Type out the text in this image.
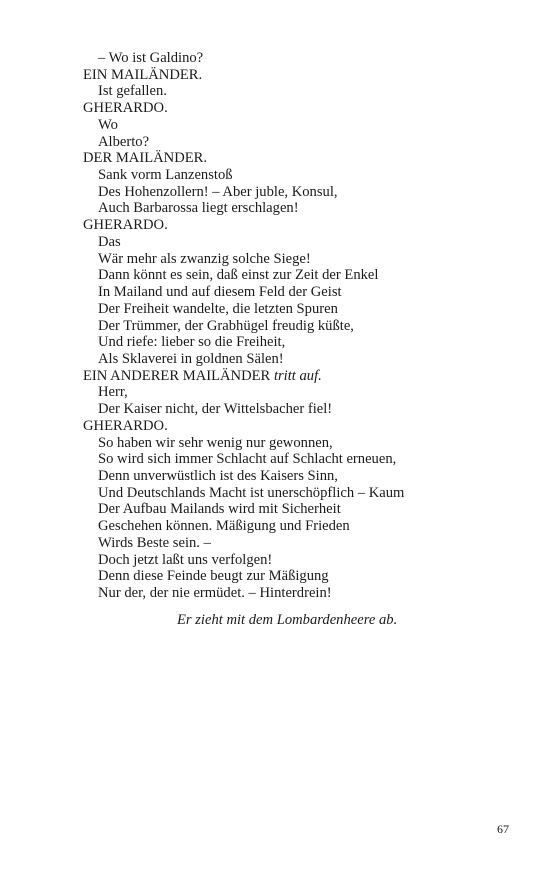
– Wo ist Galdino?
EIN MAILÄNDER.
Ist gefallen.
GHERARDO.
Wo
Alberto?
DER MAILÄNDER.
Sank vorm Lanzenstoß
Des Hohenzollern! – Aber juble, Konsul,
Auch Barbarossa liegt erschlagen!
GHERARDO.
Das
Wär mehr als zwanzig solche Siege!
Dann könnt es sein, daß einst zur Zeit der Enkel
In Mailand und auf diesem Feld der Geist
Der Freiheit wandelte, die letzten Spuren
Der Trümmer, der Grabhügel freudig küßte,
Und riefe: lieber so die Freiheit,
Als Sklaverei in goldnen Sälen!
EIN ANDERER MAILÄNDER tritt auf.
Herr,
Der Kaiser nicht, der Wittelsbacher fiel!
GHERARDO.
So haben wir sehr wenig nur gewonnen,
So wird sich immer Schlacht auf Schlacht erneuen,
Denn unverwüstlich ist des Kaisers Sinn,
Und Deutschlands Macht ist unerschöpflich – Kaum
Der Aufbau Mailands wird mit Sicherheit
Geschehen können. Mäßigung und Frieden
Wirds Beste sein. –
Doch jetzt laßt uns verfolgen!
Denn diese Feinde beugt zur Mäßigung
Nur der, der nie ermüdet. – Hinterdrein!
Er zieht mit dem Lombardenheere ab.
67
